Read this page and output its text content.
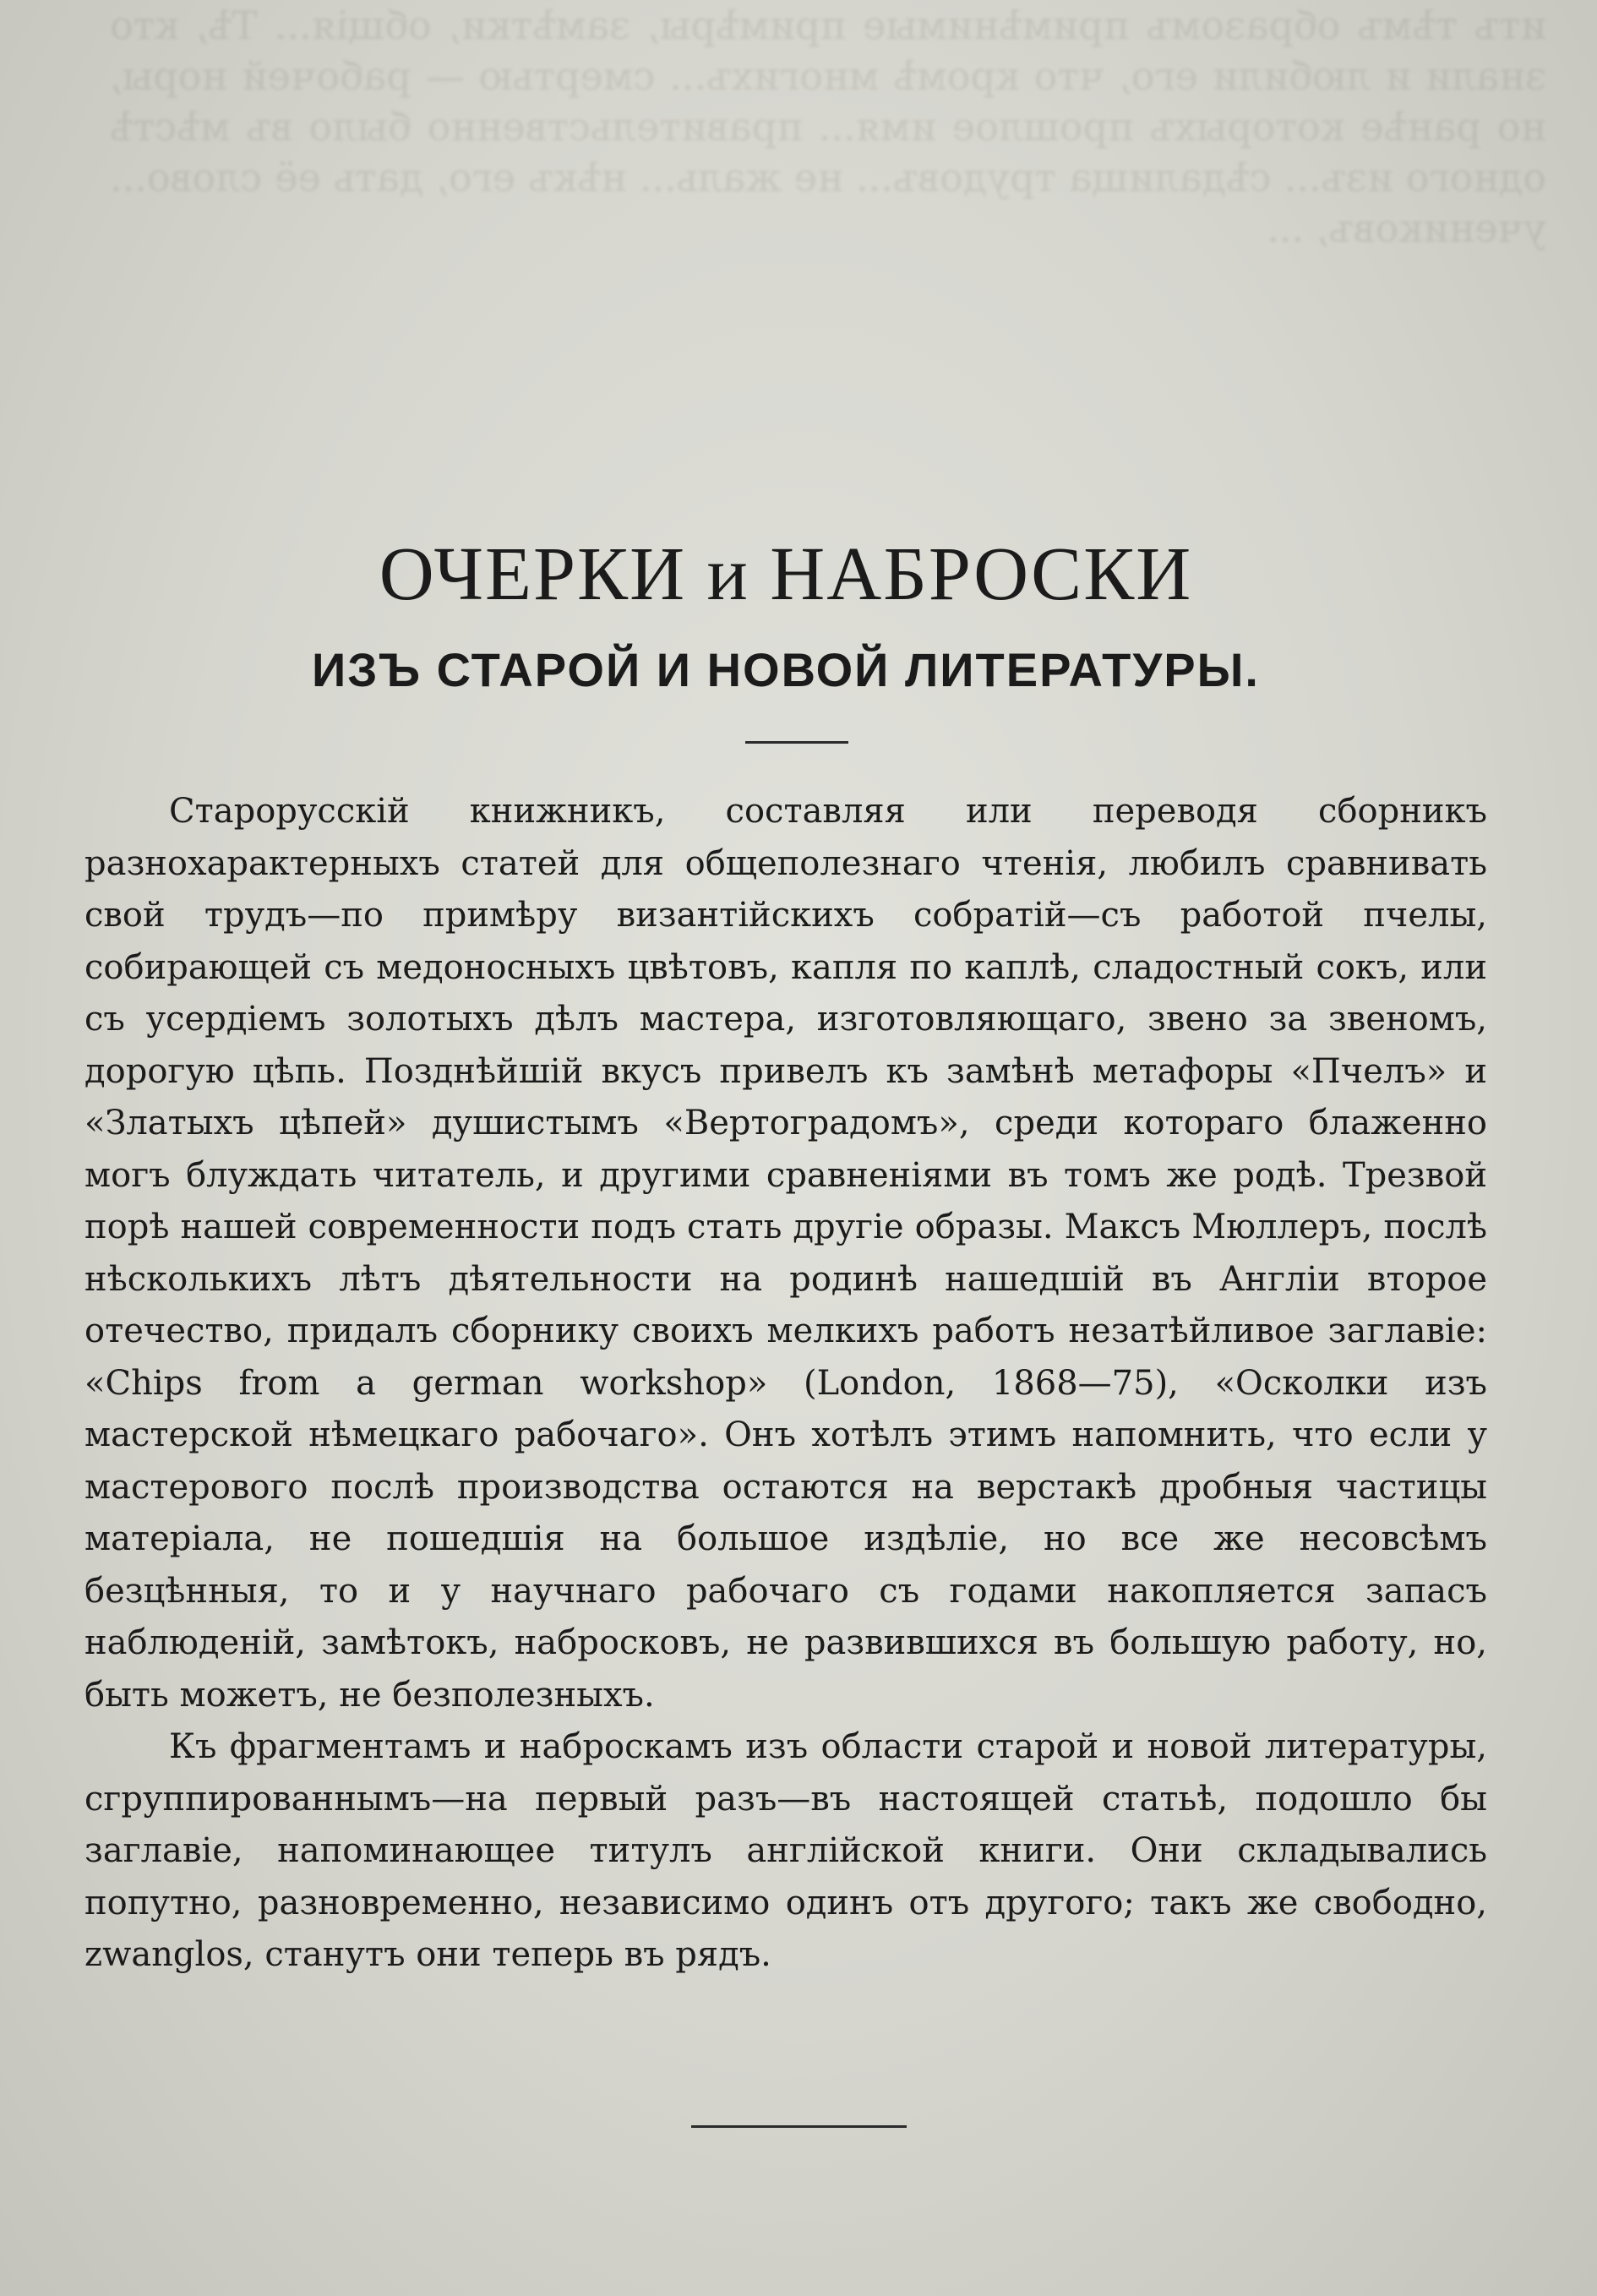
итъ тѣмъ образомъ примѣнимые примѣры, замѣтки, общія... Тѣ, кто знали и любили его, что кромѣ многихъ... смертью — рабочей норы, но ранѣе которыхъ прошлое имя... правительственно было въ мѣстѣ одного изъ... сѣдалища трудовъ... не жаль... нѣкъ его, дать её слово... учениковъ, ...

ОЧЕРКИ и НАБРОСКИ
ИЗЪ СТАРОЙ И НОВОЙ ЛИТЕРАТУРЫ.

Старорусскій книжникъ, составляя или переводя сборникъ разнохарактерныхъ статей для общеполезнаго чтенія, любилъ сравнивать свой трудъ—по примѣру византійскихъ собратій—съ работой пчелы, собирающей съ медоносныхъ цвѣтовъ, капля по каплѣ, сладостный сокъ, или съ усердіемъ золотыхъ дѣлъ мастера, изготовляющаго, звено за звеномъ, дорогую цѣпь. Позднѣйшій вкусъ привелъ къ замѣнѣ метафоры «Пчелъ» и «Златыхъ цѣпей» душистымъ «Вертоградомъ», среди котораго блаженно могъ блуждать читатель, и другими сравненіями въ томъ же родѣ. Трезвой порѣ нашей современности подъ стать другіе образы. Максъ Мюллеръ, послѣ нѣсколькихъ лѣтъ дѣятельности на родинѣ нашедшій въ Англіи второе отечество, придалъ сборнику своихъ мелкихъ работъ незатѣйливое заглавіе: «Chips from a german workshop» (London, 1868—75), «Осколки изъ мастерской нѣмецкаго рабочаго». Онъ хотѣлъ этимъ напомнить, что если у мастерового послѣ производства остаются на верстакѣ дробныя частицы матеріала, не пошедшія на большое издѣліе, но все же несовсѣмъ безцѣнныя, то и у научнаго рабочаго съ годами накопляется запасъ наблюденій, замѣтокъ, набросковъ, не развившихся въ большую работу, но, быть можетъ, не безполезныхъ.

Къ фрагментамъ и наброскамъ изъ области старой и новой литературы, сгруппированнымъ—на первый разъ—въ настоящей статьѣ, подошло бы заглавіе, напоминающее титулъ англійской книги. Они складывались попутно, разновременно, независимо одинъ отъ другого; такъ же свободно, zwanglos, станутъ они теперь въ рядъ.
